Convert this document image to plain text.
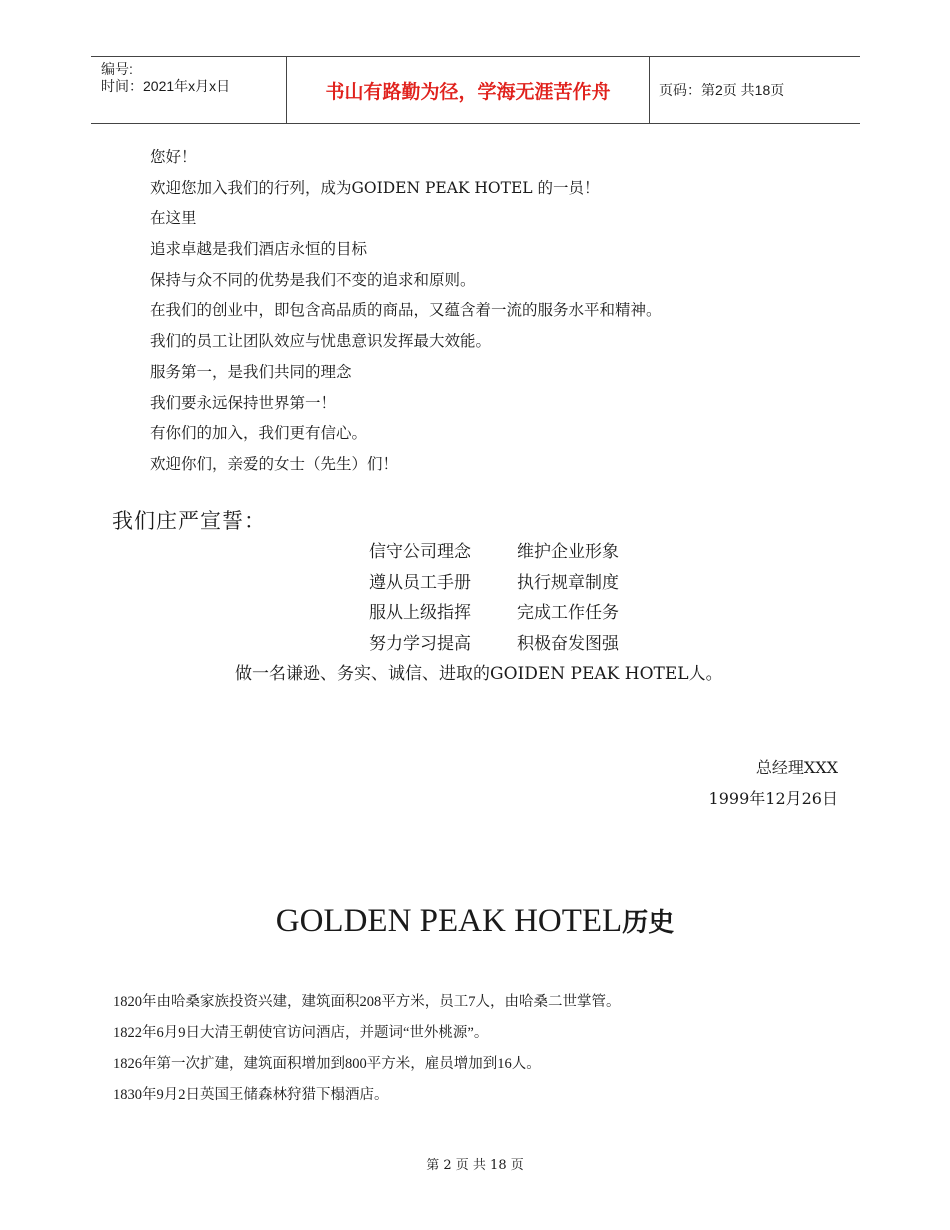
编号:
时间：2021年x月x日	书山有路勤为径，学海无涯苦作舟	页码：第2页 共18页
您好！
欢迎您加入我们的行列，成为GOIDEN PEAK HOTEL 的一员！
在这里
追求卓越是我们酒店永恒的目标
保持与众不同的优势是我们不变的追求和原则。
在我们的创业中，即包含高品质的商品，又蕴含着一流的服务水平和精神。
我们的员工让团队效应与忧患意识发挥最大效能。
服务第一，是我们共同的理念
我们要永远保持世界第一！
有你们的加入，我们更有信心。
欢迎你们，亲爱的女士（先生）们！
我们庄严宣誓：
信守公司理念	维护企业形象
遵从员工手册	执行规章制度
服从上级指挥	完成工作任务
努力学习提高	积极奋发图强
做一名谦逊、务实、诚信、进取的GOIDEN PEAK HOTEL人。
总经理XXX
1999年12月26日
GOLDEN PEAK HOTEL历史
1820年由哈桑家族投资兴建，建筑面积208平方米，员工7人，由哈桑二世掌管。
1822年6月9日大清王朝使官访问酒店，并题词“世外桃源”。
1826年第一次扩建，建筑面积增加到800平方米，雇员增加到16人。
1830年9月2日英国王储森林狩猎下榻酒店。
第 2 页 共 18 页
